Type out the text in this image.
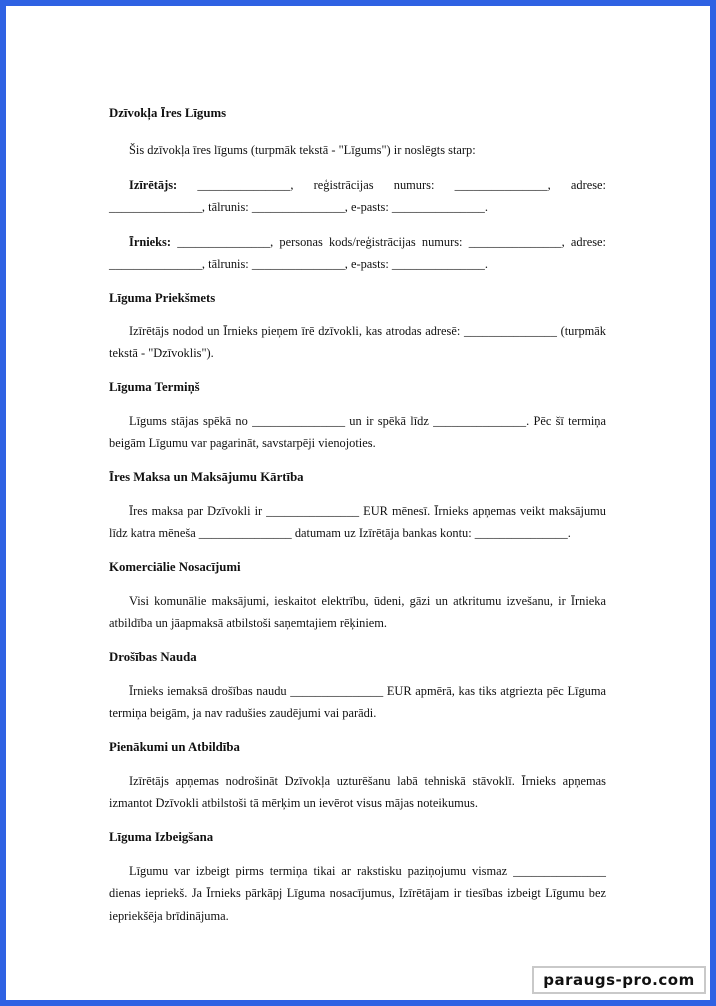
Dzīvokļa Īres Līgums

Šis dzīvokļa īres līgums (turpmāk tekstā - "Līgums") ir noslēgts starp:

Izīrētājs: _______________, reģistrācijas numurs: _______________, adrese: _______________, tālrunis: _______________, e-pasts: _______________.

Īrnieks: _______________, personas kods/reģistrācijas numurs: _______________, adrese: _______________, tālrunis: _______________, e-pasts: _______________.

Līguma Priekšmets

Izīrētājs nodod un Īrnieks pieņem īrē dzīvokli, kas atrodas adresē: _______________ (turpmāk tekstā - "Dzīvoklis").

Līguma Termiņš

Līgums stājas spēkā no _______________ un ir spēkā līdz _______________. Pēc šī termiņa beigām Līgumu var pagarināt, savstarpēji vienojoties.

Īres Maksa un Maksājumu Kārtība

Īres maksa par Dzīvokli ir _______________ EUR mēnesī. Īrnieks apņemas veikt maksājumu līdz katra mēneša _______________ datumam uz Izīrētāja bankas kontu: _______________.

Komerciālie Nosacījumi

Visi komunālie maksājumi, ieskaitot elektrību, ūdeni, gāzi un atkritumu izvešanu, ir Īrnieka atbildība un jāapmaksā atbilstoši saņemtajiem rēķiniem.

Drošības Nauda

Īrnieks iemaksā drošības naudu _______________ EUR apmērā, kas tiks atgriezta pēc Līguma termiņa beigām, ja nav radušies zaudējumi vai parādi.

Pienākumi un Atbildība

Izīrētājs apņemas nodrošināt Dzīvokļa uzturēšanu labā tehniskā stāvoklī. Īrnieks apņemas izmantot Dzīvokli atbilstoši tā mērķim un ievērot visus mājas noteikumus.

Līguma Izbeigšana

Līgumu var izbeigt pirms termiņa tikai ar rakstisku paziņojumu vismaz _______________ dienas iepriekš. Ja Īrnieks pārkāpj Līguma nosacījumus, Izīrētājam ir tiesības izbeigt Līgumu bez iepriekšēja brīdinājuma.

paraugs-pro.com
